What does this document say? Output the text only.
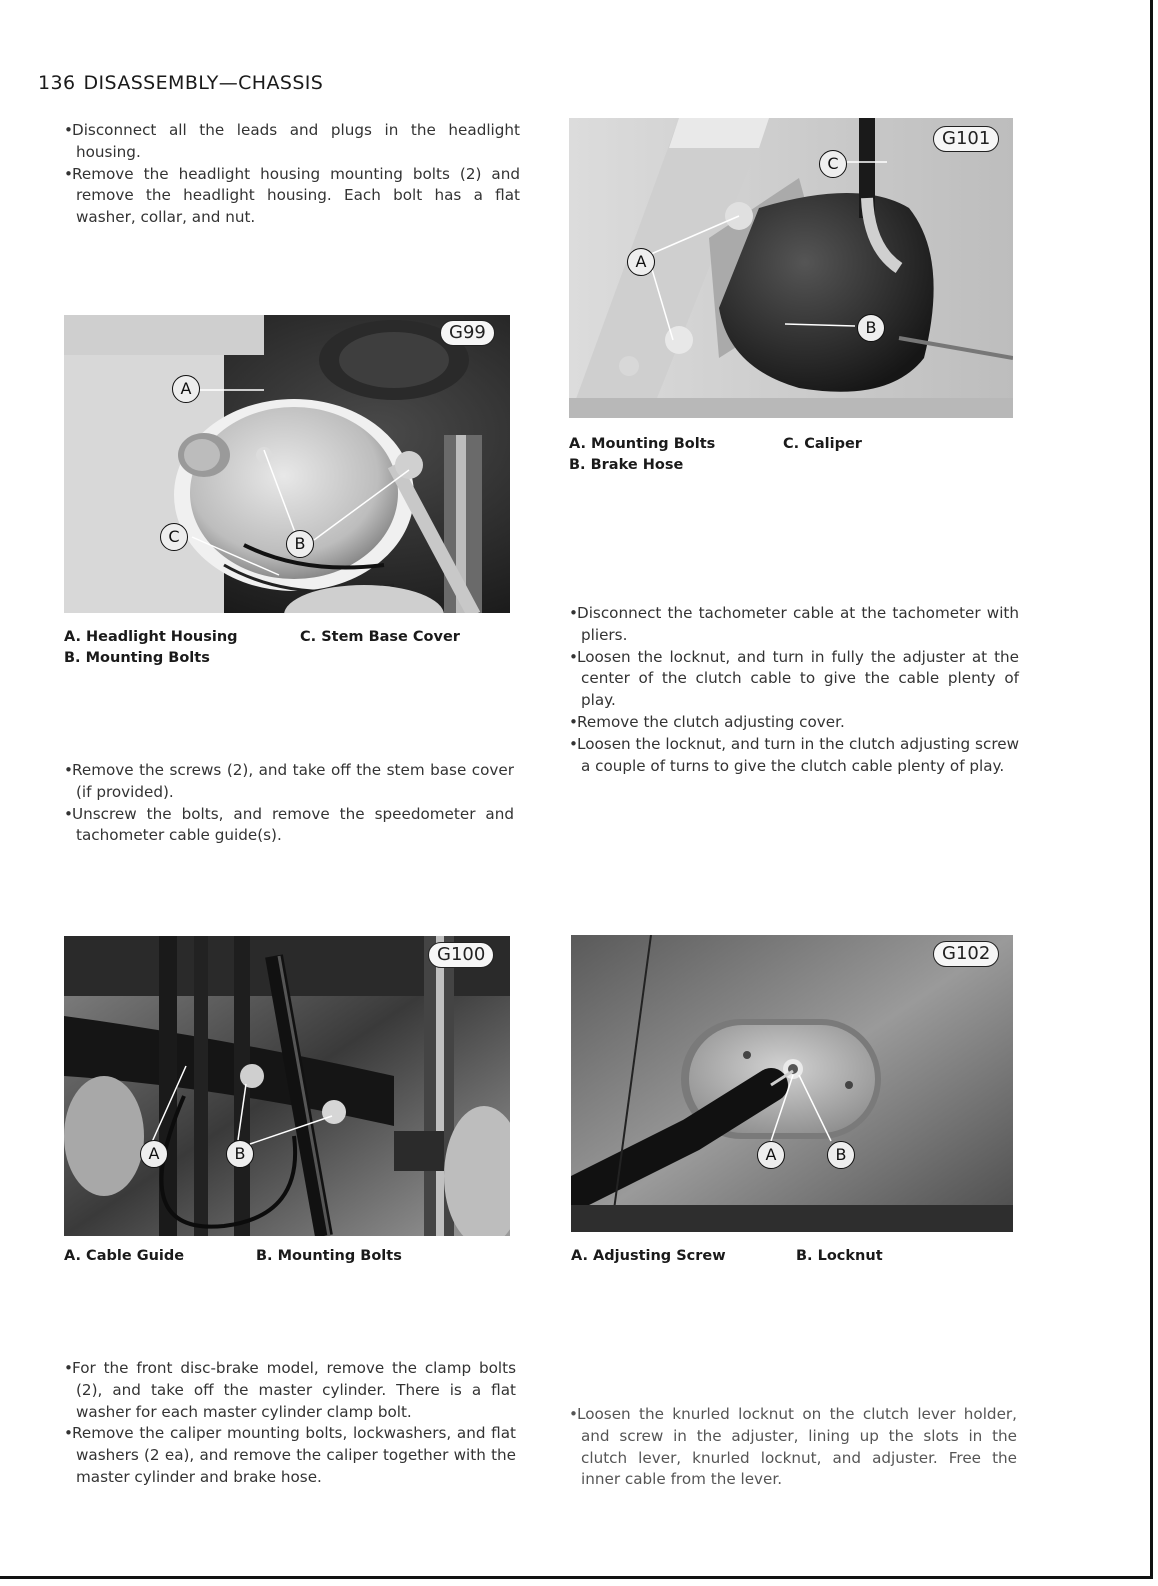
136 DISASSEMBLY—CHASSIS

•Disconnect all the leads and plugs in the headlight housing.

•Remove the headlight housing mounting bolts (2) and remove the headlight housing. Each bolt has a flat washer, collar, and nut.

G99
A
B
C
A. Headlight Housing	C. Stem Base Cover
B. Mounting Bolts

•Remove the screws (2), and take off the stem base cover (if provided).

•Unscrew the bolts, and remove the speedometer and tachometer cable guide(s).

G100
A	B
A. Cable Guide	B. Mounting Bolts

•For the front disc-brake model, remove the clamp bolts (2), and take off the master cylinder. There is a flat washer for each master cylinder clamp bolt.

•Remove the caliper mounting bolts, lockwashers, and flat washers (2 ea), and remove the caliper together with the master cylinder and brake hose.

G101
A
B
C
A. Mounting Bolts	C. Caliper
B. Brake Hose

•Disconnect the tachometer cable at the tachometer with pliers.

•Loosen the locknut, and turn in fully the adjuster at the center of the clutch cable to give the cable plenty of play.

•Remove the clutch adjusting cover.

•Loosen the locknut, and turn in the clutch adjusting screw a couple of turns to give the clutch cable plenty of play.

G102
A	B
A. Adjusting Screw	B. Locknut

•Loosen the knurled locknut on the clutch lever holder, and screw in the adjuster, lining up the slots in the clutch lever, knurled locknut, and adjuster. Free the inner cable from the lever.
